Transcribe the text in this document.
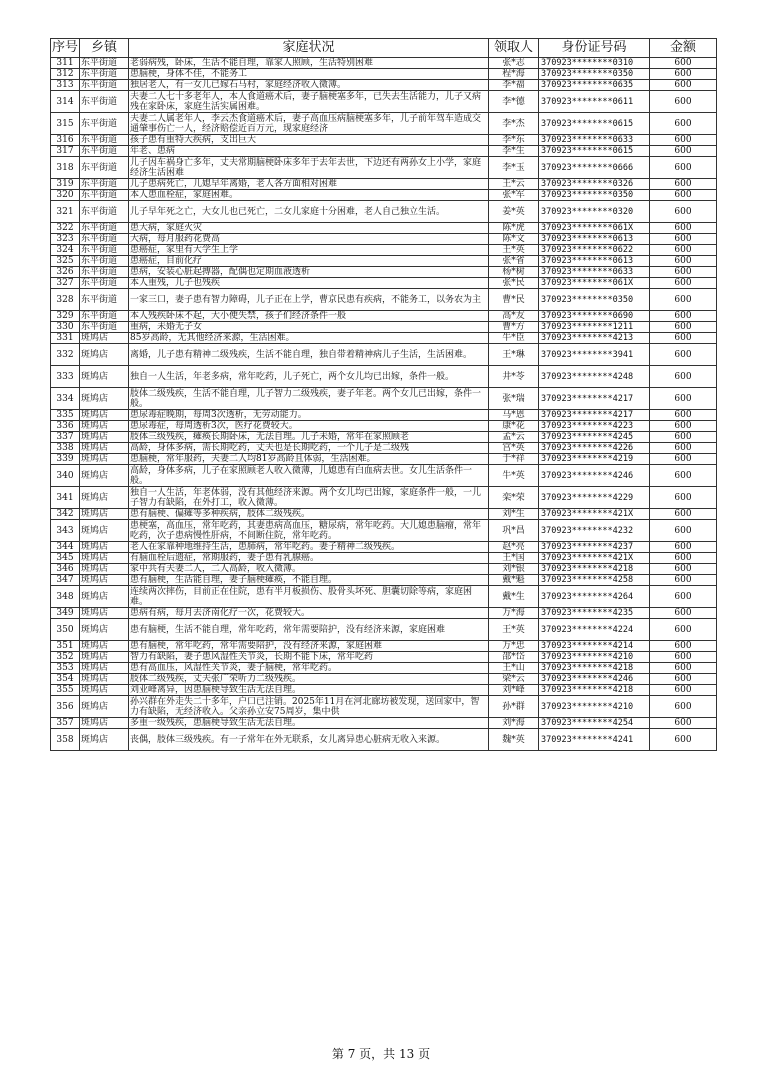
序号	乡镇	家庭状况	领取人	身份证号码	金额
311	东平街道	老弱病残，卧床，生活不能自理，靠家人照顾，生活特别困难	张*志	370923********0310	600
312	东平街道	患脑梗，身体不佳，不能务工	程*海	370923********0350	600
313	东平街道	独居老人，有一女儿已嫁石马村，家庭经济收入微薄。	李*福	370923********0635	600
314	东平街道	夫妻二人七十多老年人，本人食道癌术后，妻子脑梗塞多年，已失去生活能力，儿子又病残在家卧床，家庭生活实属困难。	李*德	370923********0611	600
315	东平街道	夫妻二人属老年人，李云杰食道癌术后，妻子高血压病脑梗塞多年，儿子前年驾车造成交通肇事伤亡一人，经济赔偿近百万元，现家庭经济	李*杰	370923********0615	600
316	东平街道	孩子患有重特大疾病，支出巨大	李*东	370923********0633	600
317	东平街道	年老、患病	李*生	370923********0615	600
318	东平街道	儿子因车祸身亡多年，丈夫常期脑梗卧床多年于去年去世，下边还有两孙女上小学，家庭经济生活困难	李*玉	370923********0666	600
319	东平街道	儿子患病死亡，儿媳早年离婚，老人各方面相对困难	王*云	370923********0326	600
320	东平街道	本人患血栓症，家庭困难。	张*军	370923********0350	600
321	东平街道	儿子早年死之亡，大女儿也已死亡，二女儿家庭十分困难，老人自己独立生活。	姜*英	370923********0320	600
322	东平街道	患大病，家庭火灾	陈*虎	370923********061X	600
323	东平街道	大病，每月服药花费高	陈*文	370923********0613	600
324	东平街道	患癌症，家里有大学生上学	王*英	370923********0622	600
325	东平街道	患癌症，目前化疗	张*省	370923********0613	600
326	东平街道	患病，安装心脏起搏器，配偶也定期血液透析	杨*树	370923********0633	600
327	东平街道	本人重残，儿子也残疾	张*民	370923********061X	600
328	东平街道	一家三口，妻子患有智力障碍，儿子正在上学，曹京民患有疾病，不能务工，以务农为主	曹*民	370923********0350	600
329	东平街道	本人残疾卧床不起，大小便失禁，孩子们经济条件一般	高*友	370923********0690	600
330	东平街道	重病，未婚无子女	曹*方	370923********1211	600
331	斑鸠店	85岁高龄，无其他经济来源，生活困难。	牛*臣	370923********4213	600
332	斑鸠店	离婚，儿子患有精神二级残疾，生活不能自理，独自带着精神病儿子生活，生活困难。	王*琳	370923********3941	600
333	斑鸠店	独自一人生活，年老多病，常年吃药，儿子死亡，两个女儿均已出嫁，条件一般。	井*苓	370923********4248	600
334	斑鸠店	肢体二级残疾，生活不能自理，儿子智力二级残疾，妻子年老。两个女儿已出嫁，条件一般。	张*瑞	370923********4217	600
335	斑鸠店	患尿毒症晚期，每周3次透析，无劳动能力。	马*恩	370923********4217	600
336	斑鸠店	患尿毒症，每周透析3次，医疗花费较大。	康*花	370923********4223	600
337	斑鸠店	肢体三级残疾，瘫痪长期卧床，无法自理。儿子未婚，常年在家照顾老	孟*云	370923********4245	600
338	斑鸠店	高龄，身体多病，需长期吃药，丈夫也是长期吃药，一个儿子是二级残	宫*英	370923********4226	600
339	斑鸠店	患脑梗，常年服药，夫妻二人均81岁高龄且体弱，生活困难。	于*祥	370923********4219	600
340	斑鸠店	高龄，身体多病，儿子在家照顾老人收入微薄，儿媳患有白血病去世。女儿生活条件一般。	牛*英	370923********4246	600
341	斑鸠店	独自一人生活，年老体弱，没有其他经济来源。两个女儿均已出嫁，家庭条件一般，一儿子智力有缺陷，在外打工，收入微薄。	栾*荣	370923********4229	600
342	斑鸠店	患有脑梗、偏瘫等多种疾病，肢体二级残疾。	刘*生	370923********421X	600
343	斑鸠店	患梗塞，高血压，常年吃药，其妻患病高血压，糖尿病，常年吃药。大儿媳患脑瘤，常年吃药，次子患病慢性肝病，不间断住院，常年吃药。	巩*昌	370923********4232	600
344	斑鸠店	老人在家靠种地维持生活，患肺病，常年吃药。妻子精神二级残疾。	赵*亮	370923********4237	600
345	斑鸠店	有脑血栓后遗症，常期服药，妻子患有乳腺癌。	王*国	370923********421X	600
346	斑鸠店	家中共有夫妻二人，二人高龄，收入微薄。	刘*银	370923********4218	600
347	斑鸠店	患有脑梗，生活能自理，妻子脑梗瘫痪，不能自理。	戴*魁	370923********4258	600
348	斑鸠店	连续两次摔伤，目前正在住院，患有半月板损伤、股骨头坏死、胆囊切除等病，家庭困难。	戴*生	370923********4264	600
349	斑鸠店	患病有病，每月去济南化疗一次，花费较大。	万*海	370923********4235	600
350	斑鸠店	患有脑梗，生活不能自理，常年吃药，常年需要陪护，没有经济来源，家庭困难	王*英	370923********4224	600
351	斑鸠店	患有脑梗，常年吃药，常年需要陪护，没有经济来源，家庭困难	万*忠	370923********4214	600
352	斑鸠店	智力有缺陷，妻子患风湿性关节炎，长期不能下床，常年吃药	邵*岱	370923********4210	600
353	斑鸠店	患有高血压，风湿性关节炎，妻子脑梗，常年吃药。	王*山	370923********4218	600
354	斑鸠店	肢体二级残疾，丈夫张广荣听力二级残疾。	梁*云	370923********4246	600
355	斑鸠店	刘业峰离异，因患脑梗导致生活无法自理。	刘*峰	370923********4218	600
356	斑鸠店	孙兴群在外走失二十多年，户口已注销。2025年11月在河北廊坊被发现，送回家中，智力有缺陷，无经济收入。父亲孙立安75周岁，集中供	孙*群	370923********4210	600
357	斑鸠店	多重一级残疾，患脑梗导致生活无法自理。	刘*海	370923********4254	600
358	斑鸠店	丧偶，肢体三级残疾。有一子常年在外无联系，女儿离异患心脏病无收入来源。	魏*英	370923********4241	600
第 7 页，共 13 页
